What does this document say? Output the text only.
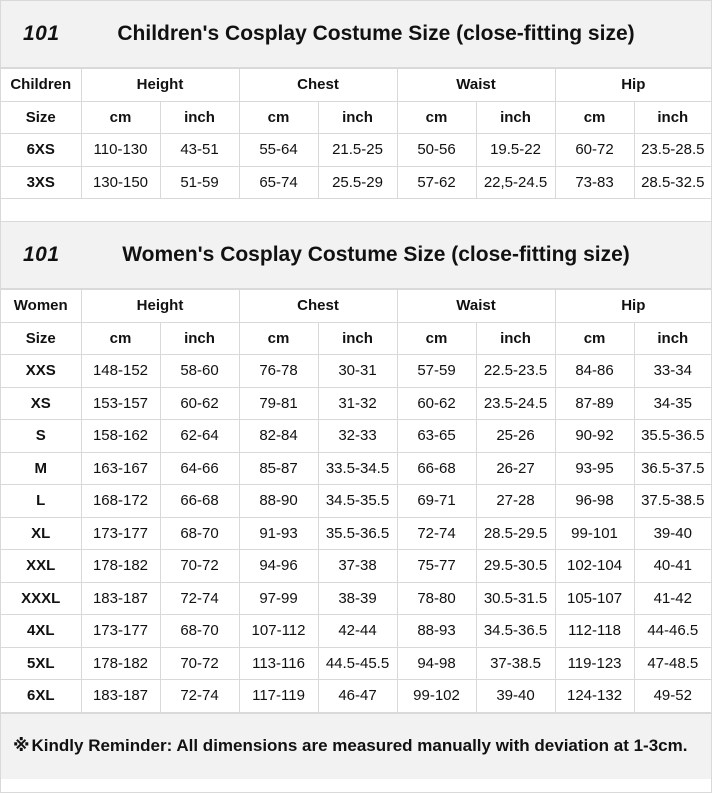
101	Children's Cosplay Costume Size (close-fitting size)
Children	Height		Chest		Waist		Hip	
Size	cm	inch	cm	inch	cm	inch	cm	inch
6XS	110-130	43-51	55-64	21.5-25	50-56	19.5-22	60-72	23.5-28.5
3XS	130-150	51-59	65-74	25.5-29	57-62	22,5-24.5	73-83	28.5-32.5
101	Women's Cosplay Costume Size (close-fitting size)
Women	Height		Chest		Waist		Hip	
Size	cm	inch	cm	inch	cm	inch	cm	inch
XXS	148-152	58-60	76-78	30-31	57-59	22.5-23.5	84-86	33-34
XS	153-157	60-62	79-81	31-32	60-62	23.5-24.5	87-89	34-35
S	158-162	62-64	82-84	32-33	63-65	25-26	90-92	35.5-36.5
M	163-167	64-66	85-87	33.5-34.5	66-68	26-27	93-95	36.5-37.5
L	168-172	66-68	88-90	34.5-35.5	69-71	27-28	96-98	37.5-38.5
XL	173-177	68-70	91-93	35.5-36.5	72-74	28.5-29.5	99-101	39-40
XXL	178-182	70-72	94-96	37-38	75-77	29.5-30.5	102-104	40-41
XXXL	183-187	72-74	97-99	38-39	78-80	30.5-31.5	105-107	41-42
4XL	173-177	68-70	107-112	42-44	88-93	34.5-36.5	112-118	44-46.5
5XL	178-182	70-72	113-116	44.5-45.5	94-98	37-38.5	119-123	47-48.5
6XL	183-187	72-74	117-119	46-47	99-102	39-40	124-132	49-52
※ Kindly Reminder: All dimensions are measured manually with deviation at 1-3cm.
